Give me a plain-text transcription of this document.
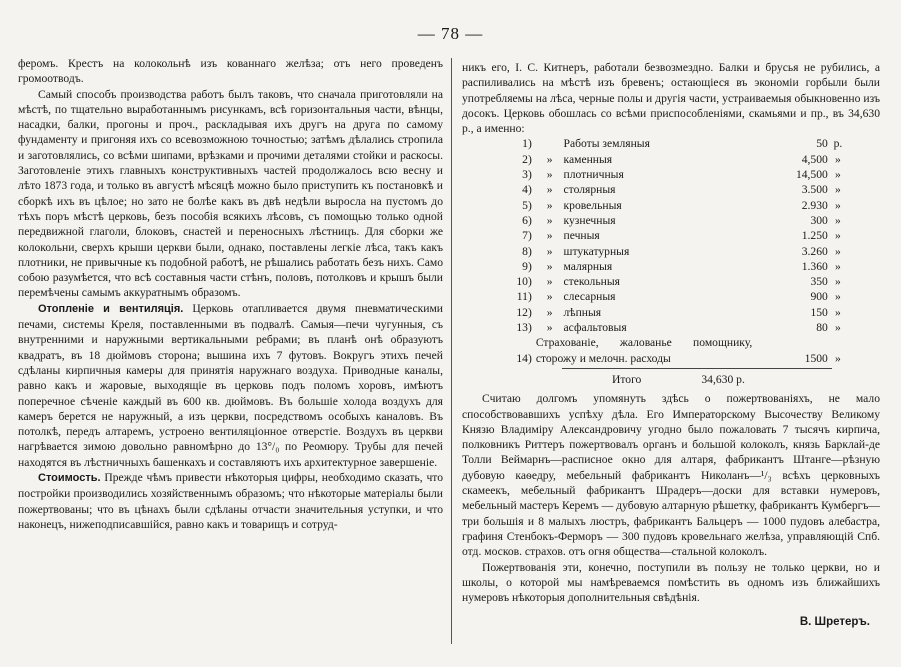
— 78 —

феромъ. Крестъ на колокольнѣ изъ кованнаго желѣза; отъ него проведенъ громоотводъ.

Самый способъ производства работъ былъ таковъ, что сначала приготовляли на мѣстѣ, по тщательно выработаннымъ рисункамъ, всѣ горизонтальныя части, вѣнцы, насадки, балки, прогоны и проч., раскладывая ихъ другъ на друга по самому фундаменту и пригоняя ихъ со всевозможною точностью; затѣмъ дѣлались стропила и заготовлялись, со всѣми шипами, врѣзками и прочими деталями стойки и раскосы. Заготовленіе этихъ главныхъ конструктивныхъ частей продолжалось всю весну и лѣто 1873 года, и только въ августѣ мѣсяцѣ можно было приступить къ постановкѣ и сборкѣ ихъ въ цѣлое; но зато не болѣе какъ въ двѣ недѣли выросла на пустомъ до тѣхъ поръ мѣстѣ церковь, безъ пособія всякихъ лѣсовъ, съ помощью только одной передвижной глаголи, блоковъ, снастей и переносныхъ лѣстницъ. Для сборки же колокольни, сверхъ крыши церкви были, однако, поставлены легкіе лѣса, такъ какъ плотники, не привычные къ подобной работѣ, не рѣшались работать безъ нихъ. Само собою разумѣется, что всѣ составныя части стѣнъ, половъ, потолковъ и крышъ были перемѣчены самымъ аккуратнымъ образомъ.

Отопленіе и вентиляція. Церковь отапливается двумя пневматическими печами, системы Креля, поставленными въ подвалѣ. Самыя—печи чугунныя, съ внутренними и наружными вертикальными ребрами; въ планѣ онѣ образуютъ квадратъ, въ 18 дюймовъ сторона; вышина ихъ 7 футовъ. Вокругъ этихъ печей сдѣланы кирпичныя камеры для принятія наружнаго воздуха. Приводные каналы, равно какъ и жаровые, выходящіе въ церковь подъ поломъ хоровъ, имѣютъ поперечное сѣченіе каждый въ 600 кв. дюймовъ. Въ большіе холода воздухъ для камеръ берется не наружный, а изъ церкви, посредствомъ особыхъ каналовъ. Въ потолкѣ, передъ алтаремъ, устроено вентиляціонное отверстіе. Воздухъ въ церкви нагрѣвается зимою довольно равномѣрно до 13°/₀ по Реомюру. Трубы для печей находятся въ лѣстничныхъ башенкахъ и составляютъ ихъ архитектурное завершеніе.

Стоимость. Прежде чѣмъ привести нѣкоторыя цифры, необходимо сказать, что постройки производились хозяйственнымъ образомъ; что нѣкоторые матеріалы были пожертвованы; что въ цѣнахъ были сдѣланы отчасти значительныя уступки, и что наконецъ, нижеподписавшійся, равно какъ и товарищъ и сотруд-

никъ его, І. С. Китнеръ, работали безвозмездно. Балки и брусья не рубились, а распиливались на мѣстѣ изъ бревенъ; остающіеся въ экономіи горбыли были употребляемы на лѣса, черные полы и другія части, устраиваемыя обыкновенно изъ досокъ. Церковь обошлась со всѣми приспособленіями, скамьями и пр., въ 34,630 р., а именно:

1)		Работы земляныя	50	р.
2)	»	каменныя	4,500	»
3)	»	плотничныя	14,500	»
4)	»	столярныя	3.500	»
5)	»	кровельныя	2.930	»
6)	»	кузнечныя	300	»
7)	»	печныя	1.250	»
8)	»	штукатурныя	3.260	»
9)	»	малярныя	1.360	»
10)	»	стекольныя	350	»
11)	»	слесарныя	900	»
12)	»	лѣпныя	150	»
13)	»	асфальтовыя	80	»
14)	Страхованіе, жалованье помощнику, сторожу и мелочн. расходы		1500	»
Итого	34,630 р.

Считаю долгомъ упомянуть здѣсь о пожертвованіяхъ, не мало способствовавшихъ успѣху дѣла. Его Императорскому Высочеству Великому Князю Владиміру Александровичу угодно было пожаловать 7 тысячъ кирпича, полковникъ Риттеръ пожертвовалъ органъ и большой колоколъ, князь Барклай-де Толли Веймарнъ—расписное окно для алтаря, фабрикантъ Штанге—рѣзную дубовую каѳедру, мебельный фабрикантъ Николанъ—¹/₃ всѣхъ церковныхъ скамеекъ, мебельный фабрикантъ Шрадеръ—доски для вставки нумеровъ, мебельный мастеръ Керемъ — дубовую алтарную рѣшетку, фабрикантъ Кумбергъ—три большія и 8 малыхъ люстръ, фабрикантъ Бальцеръ — 1000 пудовъ алебастра, графиня Стенбокъ-Ферморъ — 300 пудовъ кровельнаго желѣза, управляющій Спб. отд. москов. страхов. отъ огня общества—стальной колоколъ.

Пожертвованія эти, конечно, поступили въ пользу не только церкви, но и школы, о которой мы намѣреваемся помѣстить въ одномъ изъ ближайшихъ нумеровъ нѣкоторыя дополнительныя свѣдѣнія.

В. Шретеръ.
